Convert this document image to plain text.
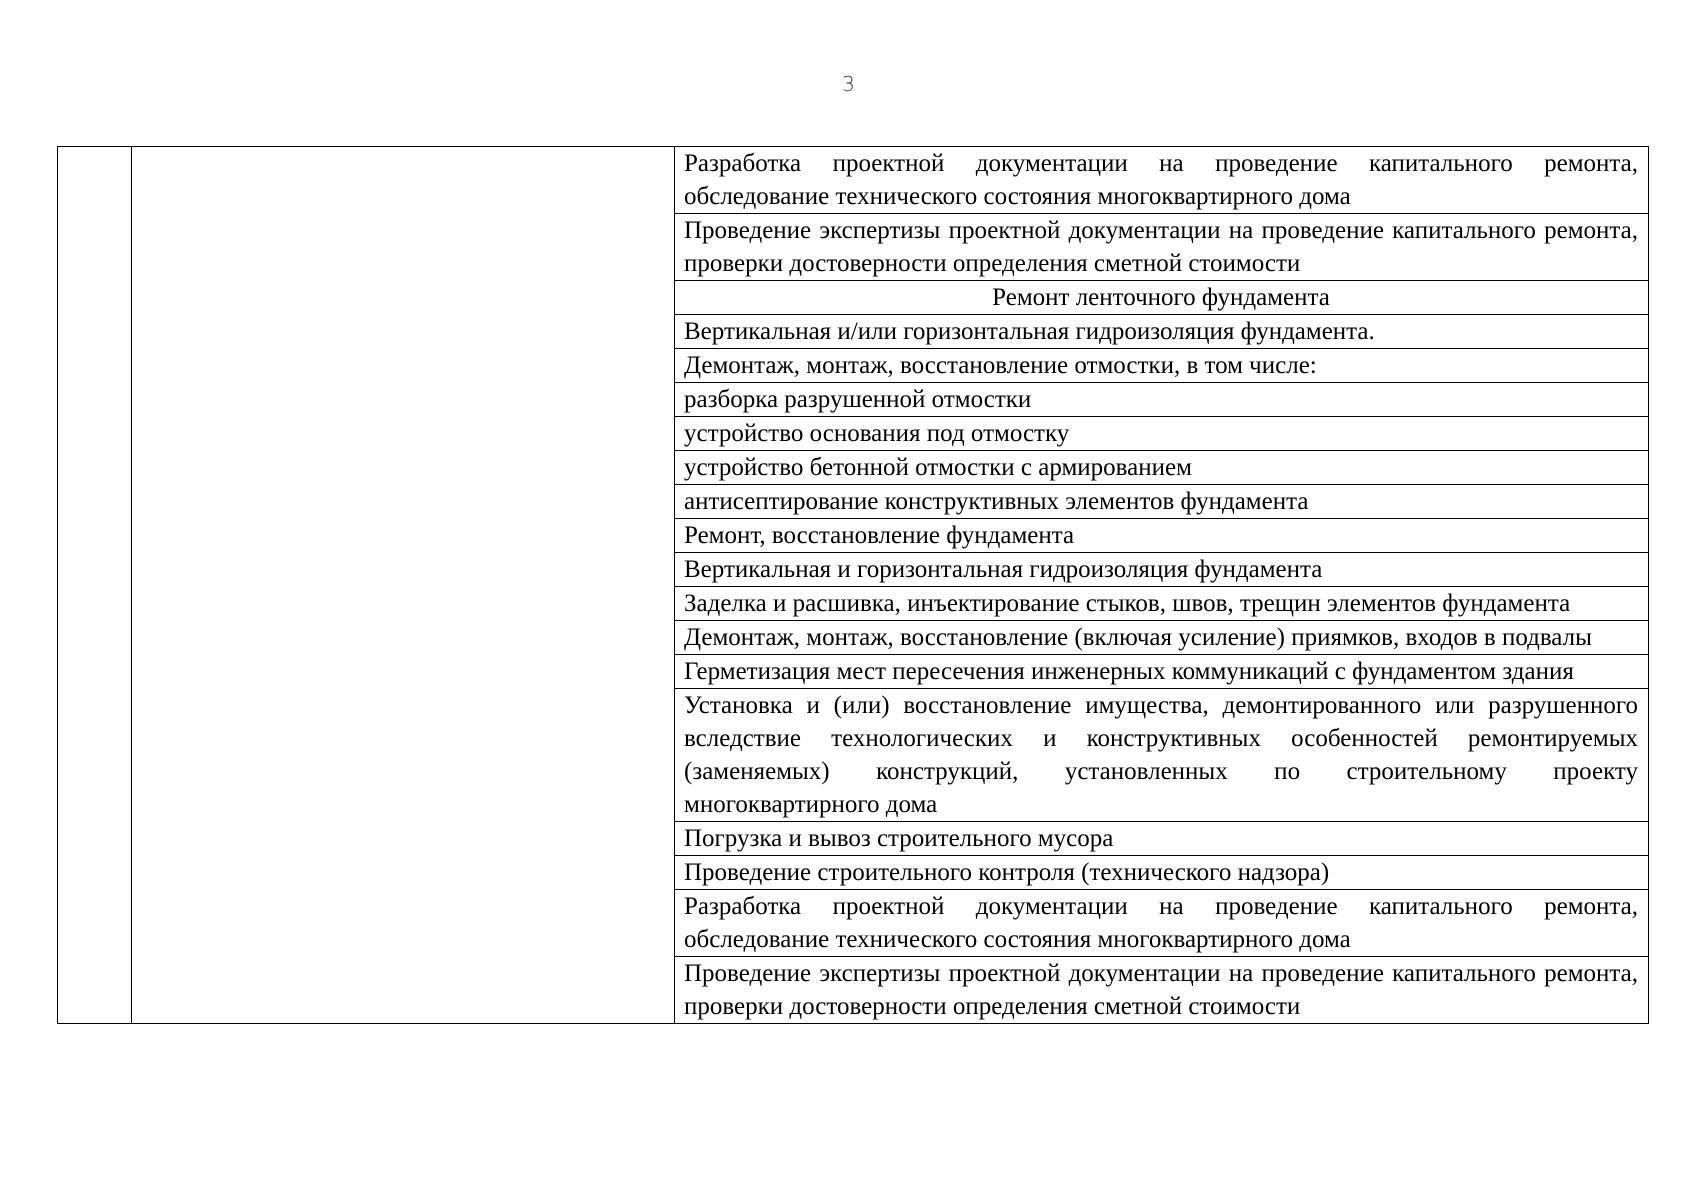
3
		Разработка проектной документации на проведение капитального ремонта, обследование технического состояния многоквартирного дома
Проведение экспертизы проектной документации на проведение капитального ремонта, проверки достоверности определения сметной стоимости
Ремонт ленточного фундамента
Вертикальная и/или горизонтальная гидроизоляция фундамента.
Демонтаж, монтаж, восстановление отмостки, в том числе:
разборка разрушенной отмостки
устройство основания под отмостку
устройство бетонной отмостки с армированием
антисептирование конструктивных элементов фундамента
Ремонт, восстановление фундамента
Вертикальная и горизонтальная гидроизоляция фундамента
Заделка и расшивка, инъектирование стыков, швов, трещин элементов фундамента
Демонтаж, монтаж, восстановление (включая усиление) приямков, входов в подвалы
Герметизация мест пересечения инженерных коммуникаций с фундаментом здания
Установка и (или) восстановление имущества, демонтированного или разрушенного вследствие технологических и конструктивных особенностей ремонтируемых (заменяемых) конструкций, установленных по строительному проекту многоквартирного дома
Погрузка и вывоз строительного мусора
Проведение строительного контроля (технического надзора)
Разработка проектной документации на проведение капитального ремонта, обследование технического состояния многоквартирного дома
Проведение экспертизы проектной документации на проведение капитального ремонта, проверки достоверности определения сметной стоимости
